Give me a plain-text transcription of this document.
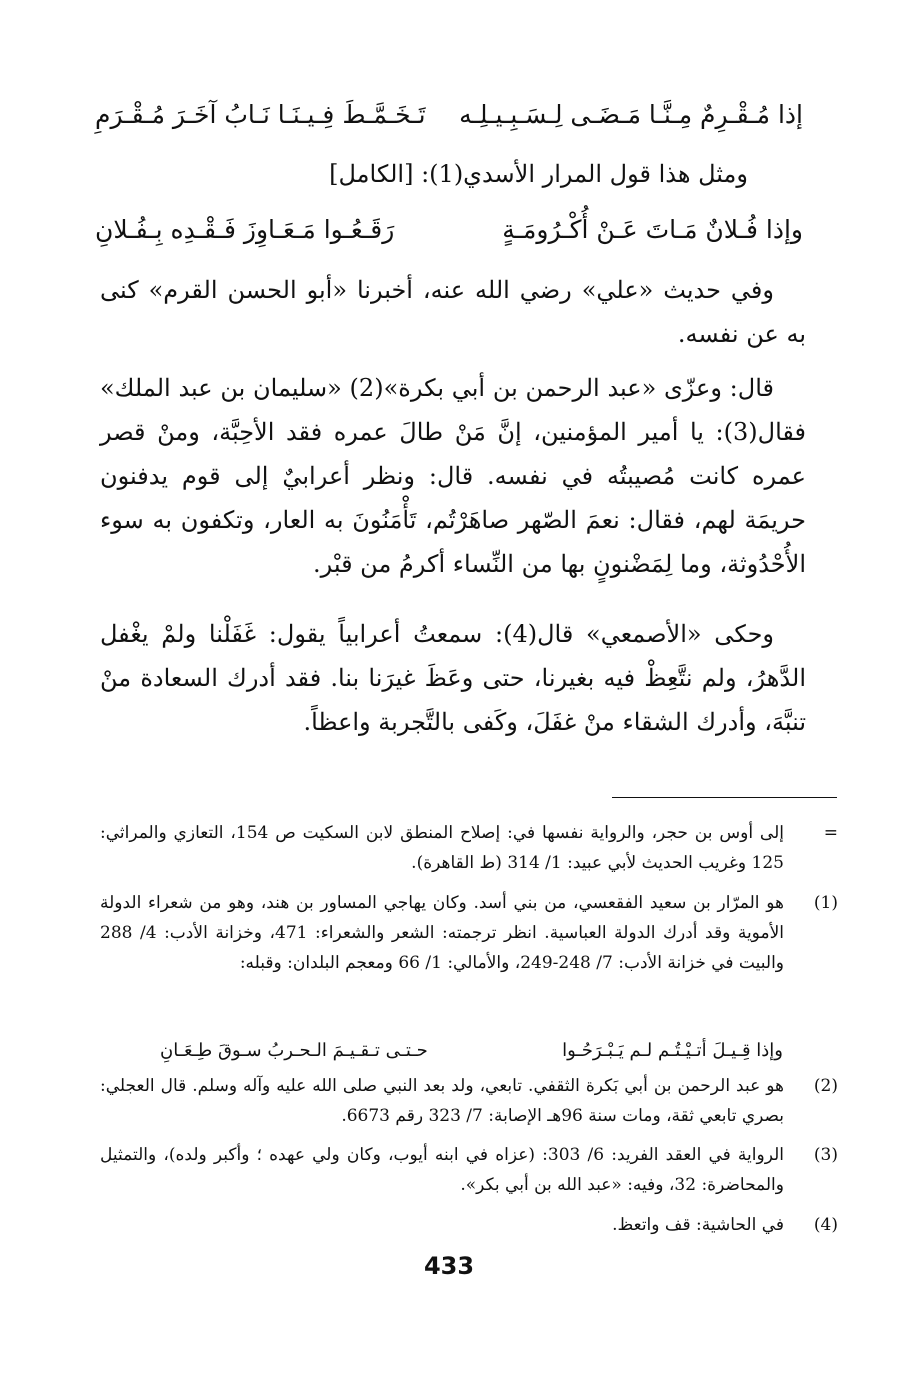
إذا مُـقْـرِمٌ مِـنَّـا مَـضَـى لِـسَـبِـيـلِـه
تَـخَـمَّـطَ فِـيـنَـا نَـابُ آخَـرَ مُـقْـرَمِ
ومثل هذا قول المرار الأسدي(1): [الكامل]
وإذا فُـلانٌ مَـاتَ عَـنْ أُكْـرُومَـةٍ
رَقَـعُـوا مَـعَـاوِزَ فَـقْـدِه بِـفُـلانِ
وفي حديث «علي» رضي الله عنه، أخبرنا «أبو الحسن القرم» كنى به عن نفسه.
قال: وعزّى «عبد الرحمن بن أبي بكرة»(2) «سليمان بن عبد الملك» فقال(3): يا أمير المؤمنين، إنَّ مَنْ طالَ عمره فقد الأحِبَّة، ومنْ قصر عمره كانت مُصيبتُه في نفسه. قال: ونظر أعرابيٌ إلى قوم يدفنون حريمَة لهم، فقال: نعمَ الصّهر صاهَرْتُم، تَأْمَنُونَ به العار، وتكفون به سوء الأُحْدُوثة، وما لِمَضْنونٍ بها من النِّساء أكرمُ من قبْر.
وحكى «الأصمعي» قال(4): سمعتُ أعرابياً يقول: غَفَلْنا ولمْ يغْفل الدَّهرُ، ولم نتَّعِظْ فيه بغيرنا، حتى وعَظَ غيرَنا بنا. فقد أدرك السعادة منْ تنبَّهَ، وأدرك الشقاء منْ غفَلَ، وكَفى بالتَّجربة واعظاً.
=
إلى أوس بن حجر، والرواية نفسها في: إصلاح المنطق لابن السكيت ص 154، التعازي والمراثي: 125 وغريب الحديث لأبي عبيد: 1/ 314 (ط القاهرة).
(1)
هو المرّار بن سعيد الفقعسي، من بني أسد. وكان يهاجي المساور بن هند، وهو من شعراء الدولة الأموية وقد أدرك الدولة العباسية. انظر ترجمته: الشعر والشعراء: 471، وخزانة الأدب: 4/ 288 والبيت في خزانة الأدب: 7/ 248-249، والأمالي: 1/ 66 ومعجم البلدان: وقبله:
وإذا قِـيـلَ أتـيْـتُـم لـم يَـبْـرَحُـوا
حـتـى تـقـيـمَ الـحـربُ سـوقَ طِـعَـانِ
(2)
هو عبد الرحمن بن أبي بَكرة الثقفي. تابعي، ولد بعد النبي صلى الله عليه وآله وسلم. قال العجلي: بصري تابعي ثقة، ومات سنة 96هـ الإصابة: 7/ 323 رقم 6673.
(3)
الرواية في العقد الفريد: 6/ 303: (عزاه في ابنه أيوب، وكان ولي عهده ؛ وأكبر ولده)، والتمثيل والمحاضرة: 32، وفيه: «عبد الله بن أبي بكر».
(4)
في الحاشية: قف واتعظ.
433
